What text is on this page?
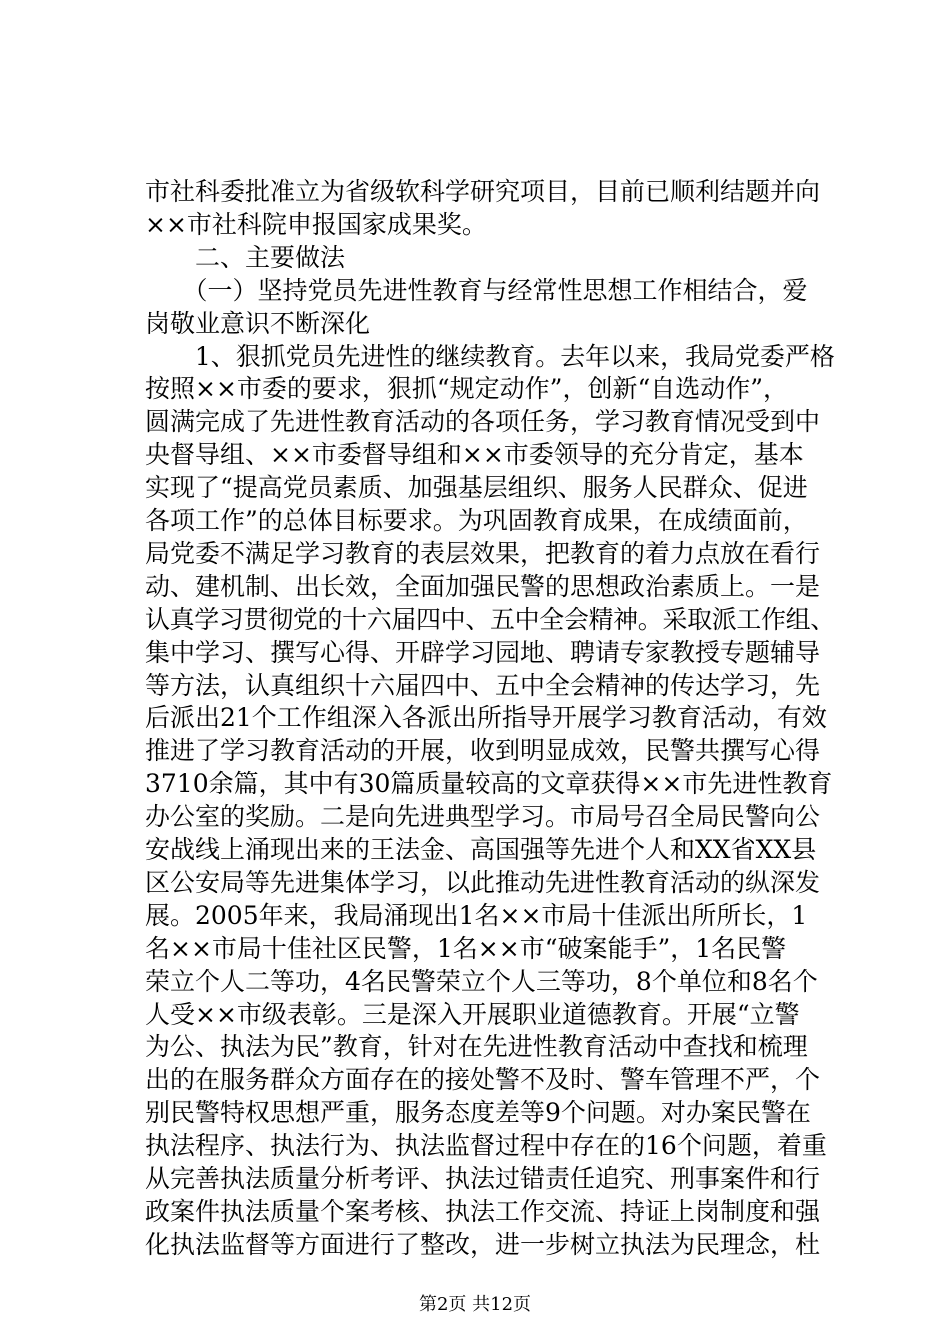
市社科委批准立为省级软科学研究项目，目前已顺利结题并向
××市社科院申报国家成果奖。
　　二、主要做法
　　（一）坚持党员先进性教育与经常性思想工作相结合，爱
岗敬业意识不断深化
　　1、狠抓党员先进性的继续教育。去年以来，我局党委严格
按照××市委的要求，狠抓“规定动作”，创新“自选动作”，
圆满完成了先进性教育活动的各项任务，学习教育情况受到中
央督导组、××市委督导组和××市委领导的充分肯定，基本
实现了“提高党员素质、加强基层组织、服务人民群众、促进
各项工作”的总体目标要求。为巩固教育成果，在成绩面前，
局党委不满足学习教育的表层效果，把教育的着力点放在看行
动、建机制、出长效，全面加强民警的思想政治素质上。一是
认真学习贯彻党的十六届四中、五中全会精神。采取派工作组、
集中学习、撰写心得、开辟学习园地、聘请专家教授专题辅导
等方法，认真组织十六届四中、五中全会精神的传达学习，先
后派出21个工作组深入各派出所指导开展学习教育活动，有效
推进了学习教育活动的开展，收到明显成效，民警共撰写心得
3710余篇，其中有30篇质量较高的文章获得××市先进性教育
办公室的奖励。二是向先进典型学习。市局号召全局民警向公
安战线上涌现出来的王法金、高国强等先进个人和XX省XX县
区公安局等先进集体学习，以此推动先进性教育活动的纵深发
展。2005年来，我局涌现出1名××市局十佳派出所所长，1
名××市局十佳社区民警，1名××市“破案能手”，1名民警
荣立个人二等功，4名民警荣立个人三等功，8个单位和8名个
人受××市级表彰。三是深入开展职业道德教育。开展“立警
为公、执法为民”教育，针对在先进性教育活动中查找和梳理
出的在服务群众方面存在的接处警不及时、警车管理不严，个
别民警特权思想严重，服务态度差等9个问题。对办案民警在
执法程序、执法行为、执法监督过程中存在的16个问题，着重
从完善执法质量分析考评、执法过错责任追究、刑事案件和行
政案件执法质量个案考核、执法工作交流、持证上岗制度和强
化执法监督等方面进行了整改，进一步树立执法为民理念，杜
第2页 共12页
